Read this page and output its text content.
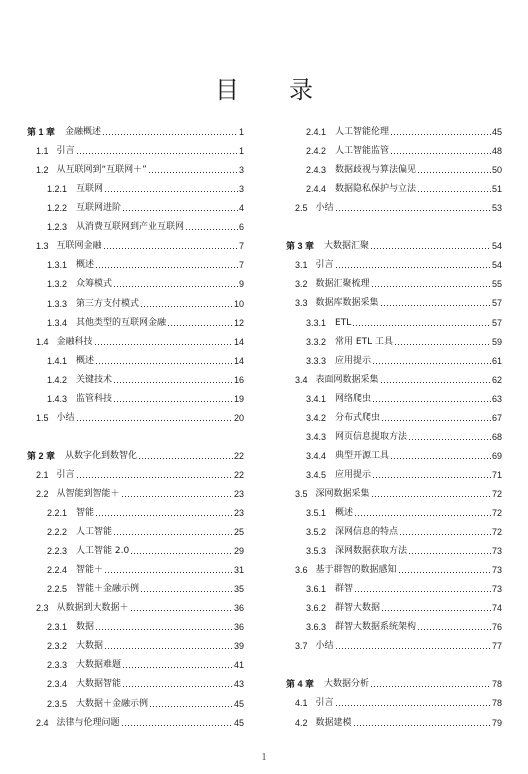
目录
第 1 章 金融概述	1
1.1 引言	1
1.2 从互联网到“互联网＋”	3
1.2.1 互联网	3
1.2.2 互联网进阶	4
1.2.3 从消费互联网到产业互联网	6
1.3 互联网金融	7
1.3.1 概述	7
1.3.2 众筹模式	9
1.3.3 第三方支付模式	10
1.3.4 其他类型的互联网金融	12
1.4 金融科技	14
1.4.1 概述	14
1.4.2 关键技术	16
1.4.3 监管科技	19
1.5 小结	20
第 2 章 从数字化到数智化	22
2.1 引言	22
2.2 从智能到智能＋	23
2.2.1 智能	23
2.2.2 人工智能	25
2.2.3 人工智能 2.0	29
2.2.4 智能＋	31
2.2.5 智能＋金融示例	35
2.3 从数据到大数据＋	36
2.3.1 数据	36
2.3.2 大数据	39
2.3.3 大数据难题	41
2.3.4 大数据智能	43
2.3.5 大数据＋金融示例	45
2.4 法律与伦理问题	45
2.4.1 人工智能伦理	45
2.4.2 人工智能监管	48
2.4.3 数据歧视与算法偏见	50
2.4.4 数据隐私保护与立法	51
2.5 小结	53
第 3 章 大数据汇聚	54
3.1 引言	54
3.2 数据汇聚梳理	55
3.3 数据库数据采集	57
3.3.1 ETL	57
3.3.2 常用 ETL 工具	59
3.3.3 应用提示	61
3.4 表面网数据采集	62
3.4.1 网络爬虫	63
3.4.2 分布式爬虫	67
3.4.3 网页信息提取方法	68
3.4.4 典型开源工具	69
3.4.5 应用提示	71
3.5 深网数据采集	72
3.5.1 概述	72
3.5.2 深网信息的特点	72
3.5.3 深网数据获取方法	73
3.6 基于群智的数据感知	73
3.6.1 群智	73
3.6.2 群智大数据	74
3.6.3 群智大数据系统架构	76
3.7 小结	77
第 4 章 大数据分析	78
4.1 引言	78
4.2 数据建模	79
1
